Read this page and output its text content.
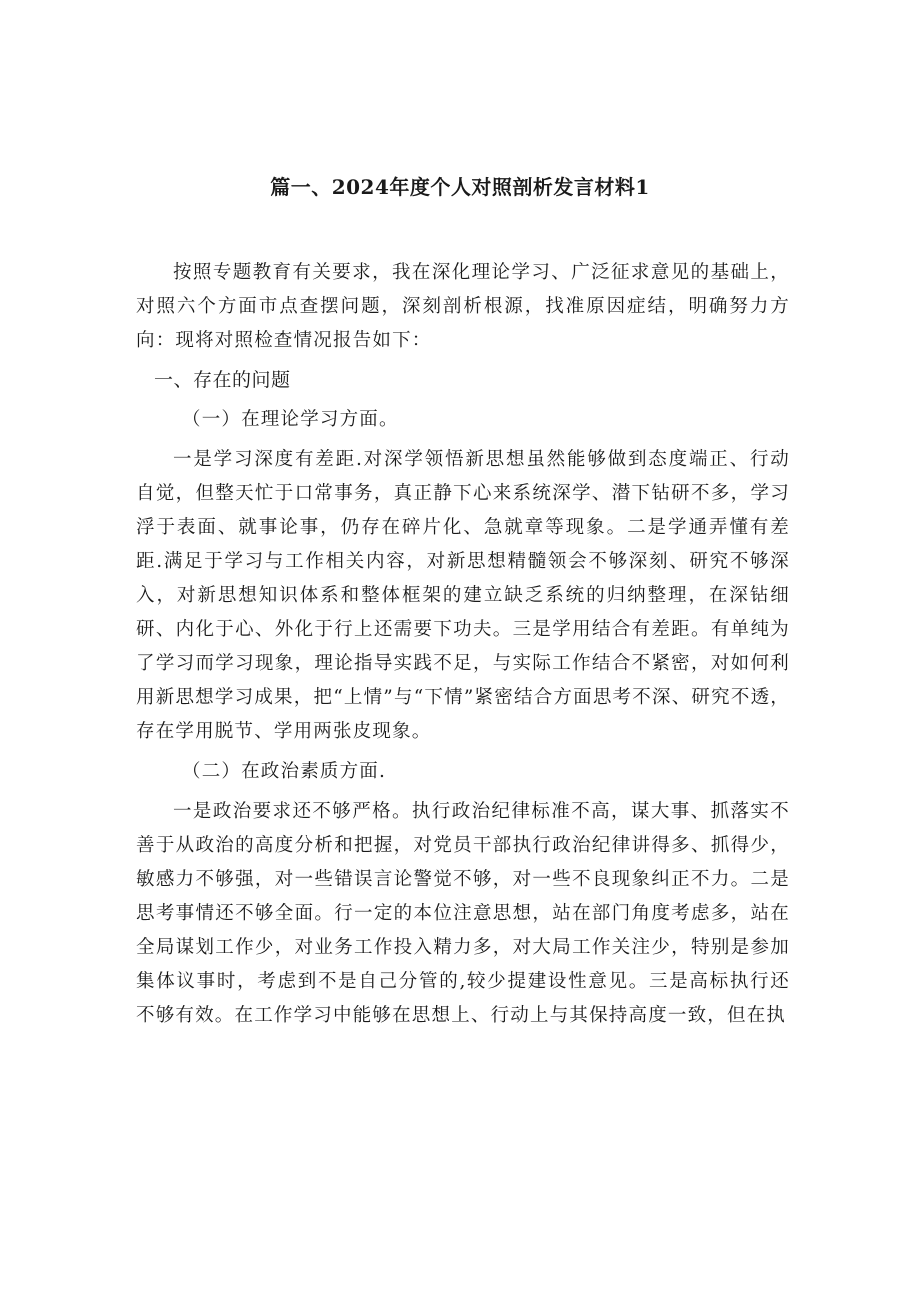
篇一、2024年度个人对照剖析发言材料1

按照专题教育有关要求，我在深化理论学习、广泛征求意见的基础上，对照六个方面市点查摆问题，深刻剖析根源，找准原因症结，明确努力方向：现将对照检查情况报告如下：

一、存在的问题

（一）在理论学习方面。

一是学习深度有差距.对深学领悟新思想虽然能够做到态度端正、行动自觉，但整天忙于口常事务，真正静下心来系统深学、潜下钻研不多，学习浮于表面、就事论事，仍存在碎片化、急就章等现象。二是学通弄懂有差距.满足于学习与工作相关内容，对新思想精髓领会不够深刻、研究不够深入，对新思想知识体系和整体框架的建立缺乏系统的归纳整理，在深钻细研、内化于心、外化于行上还需要下功夫。三是学用结合有差距。有单纯为了学习而学习现象，理论指导实践不足，与实际工作结合不紧密，对如何利用新思想学习成果，把“上情”与“下情”紧密结合方面思考不深、研究不透，存在学用脱节、学用两张皮现象。

（二）在政治素质方面.

一是政治要求还不够严格。执行政治纪律标准不高，谋大事、抓落实不善于从政治的高度分析和把握，对党员干部执行政治纪律讲得多、抓得少，敏感力不够强，对一些错误言论警觉不够，对一些不良现象纠正不力。二是思考事情还不够全面。行一定的本位注意思想，站在部门角度考虑多，站在全局谋划工作少，对业务工作投入精力多，对大局工作关注少，特别是参加集体议事时，考虑到不是自己分管的,较少提建设性意见。三是高标执行还不够有效。在工作学习中能够在思想上、行动上与其保持高度一致，但在执
